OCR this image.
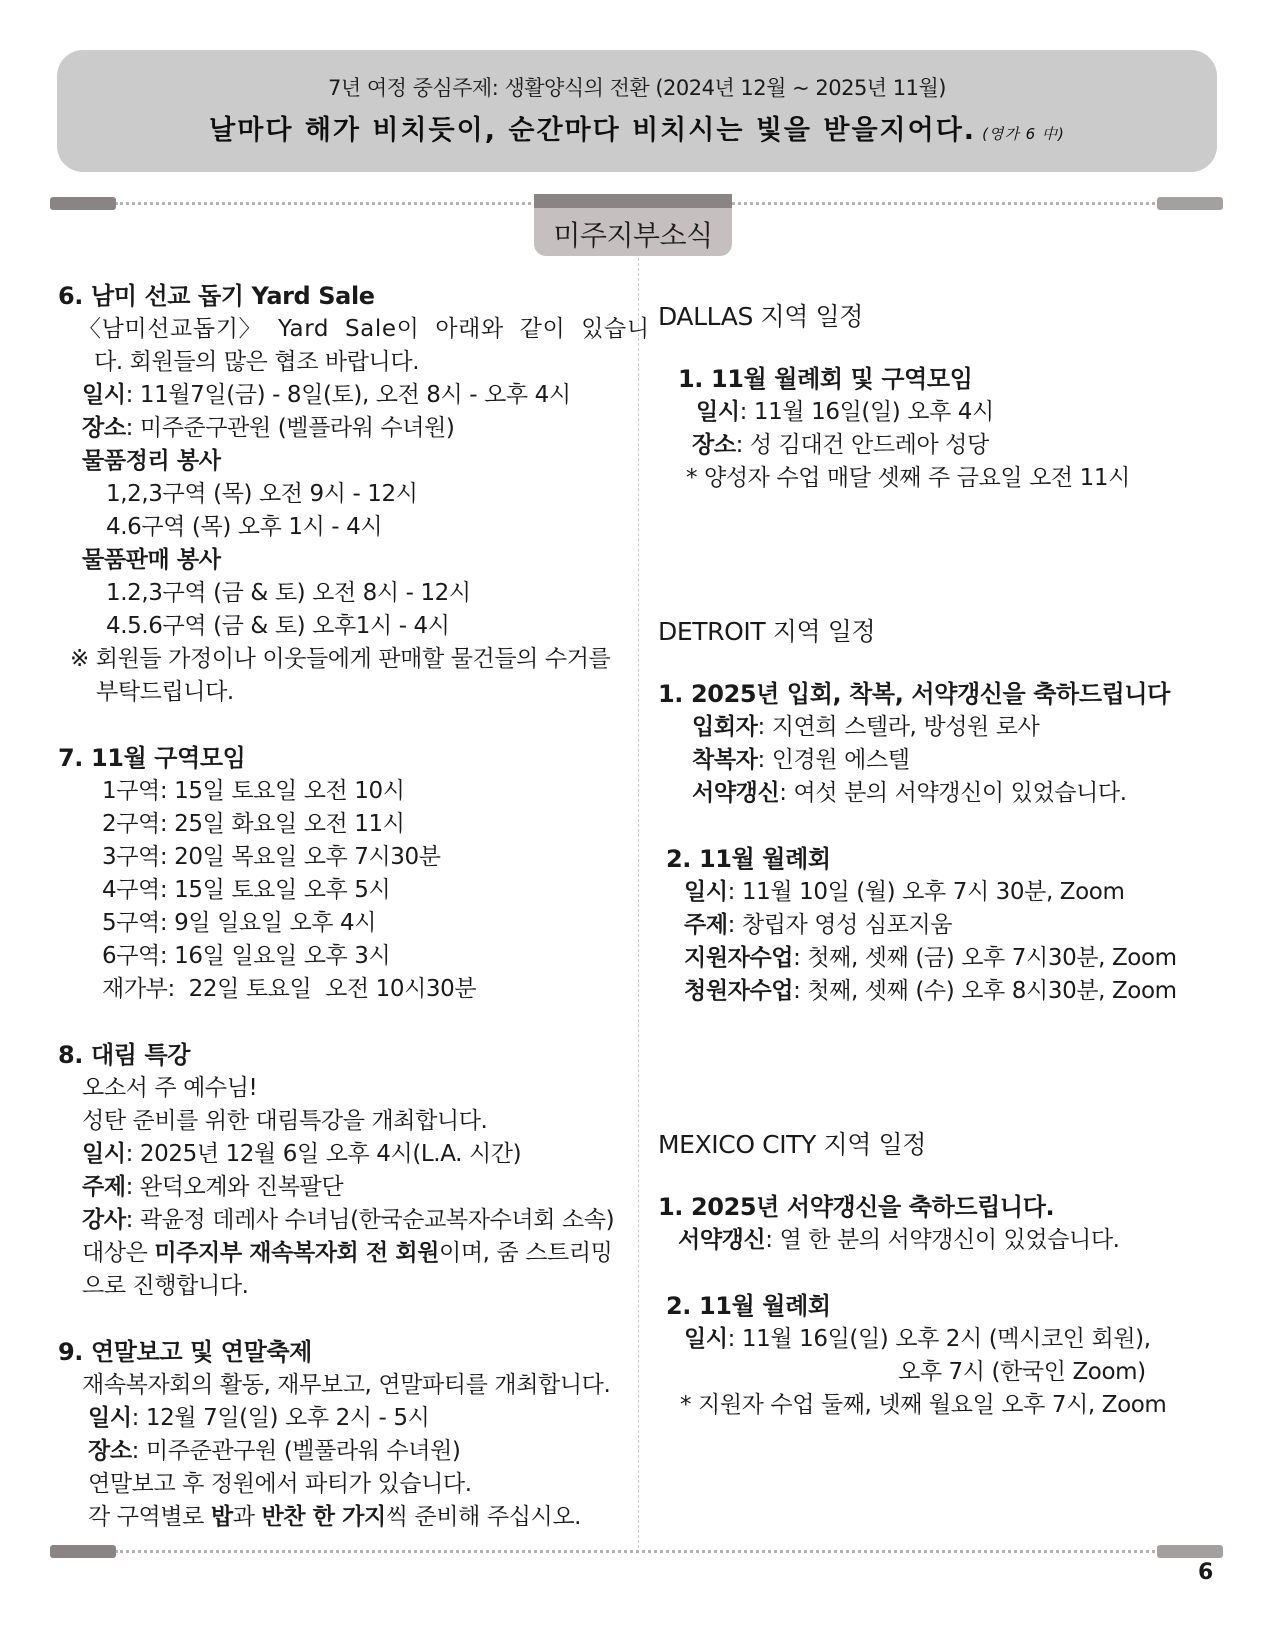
7년 여정 중심주제: 생활양식의 전환 (2024년 12월 ~ 2025년 11월)
날마다 해가 비치듯이, 순간마다 비치시는 빛을 받을지어다. (영가 6 中)
미주지부소식
6. 남미 선교 돕기 Yard Sale
〈남미선교돕기〉 Yard Sale이 아래와 같이 있습니
다. 회원들의 많은 협조 바랍니다.
일시: 11월7일(금) - 8일(토), 오전 8시 - 오후 4시
장소: 미주준구관원 (벨플라워 수녀원)
물품정리 봉사
1,2,3구역 (목) 오전 9시 - 12시
4.6구역 (목) 오후 1시 - 4시
물품판매 봉사
1.2,3구역 (금 & 토) 오전 8시 - 12시
4.5.6구역 (금 & 토) 오후1시 - 4시
※ 회원들 가정이나 이웃들에게 판매할 물건들의 수거를
부탁드립니다.
7. 11월 구역모임
1구역: 15일 토요일 오전 10시
2구역: 25일 화요일 오전 11시
3구역: 20일 목요일 오후 7시30분
4구역: 15일 토요일 오후 5시
5구역: 9일 일요일 오후 4시
6구역: 16일 일요일 오후 3시
재가부:  22일 토요일  오전 10시30분
8. 대림 특강
오소서 주 예수님!
성탄 준비를 위한 대림특강을 개최합니다.
일시: 2025년 12월 6일 오후 4시(L.A. 시간)
주제: 완덕오계와 진복팔단
강사: 곽윤정 데레사 수녀님(한국순교복자수녀회 소속)
대상은 미주지부 재속복자회 전 회원이며, 줌 스트리밍
으로 진행합니다.
9. 연말보고 및 연말축제
재속복자회의 활동, 재무보고, 연말파티를 개최합니다.
일시: 12월 7일(일) 오후 2시 - 5시
장소: 미주준관구원 (벨풀라워 수녀원)
연말보고 후 정원에서 파티가 있습니다.
각 구역별로 밥과 반찬 한 가지씩 준비해 주십시오.
DALLAS 지역 일정
1. 11월 월례회 및 구역모임
일시: 11월 16일(일) 오후 4시
장소: 성 김대건 안드레아 성당
* 양성자 수업 매달 셋째 주 금요일 오전 11시
DETROIT 지역 일정
1. 2025년 입회, 착복, 서약갱신을 축하드립니다
입회자: 지연희 스텔라, 방성원 로사
착복자: 인경원 에스텔
서약갱신: 여섯 분의 서약갱신이 있었습니다.
2. 11월 월례회
일시: 11월 10일 (월) 오후 7시 30분, Zoom
주제: 창립자 영성 심포지움
지원자수업: 첫째, 셋째 (금) 오후 7시30분, Zoom
청원자수업: 첫째, 셋째 (수) 오후 8시30분, Zoom
MEXICO CITY 지역 일정
1. 2025년 서약갱신을 축하드립니다.
서약갱신: 열 한 분의 서약갱신이 있었습니다.
2. 11월 월례회
일시: 11월 16일(일) 오후 2시 (멕시코인 회원),
오후 7시 (한국인 Zoom)
* 지원자 수업 둘째, 넷째 월요일 오후 7시, Zoom
6
